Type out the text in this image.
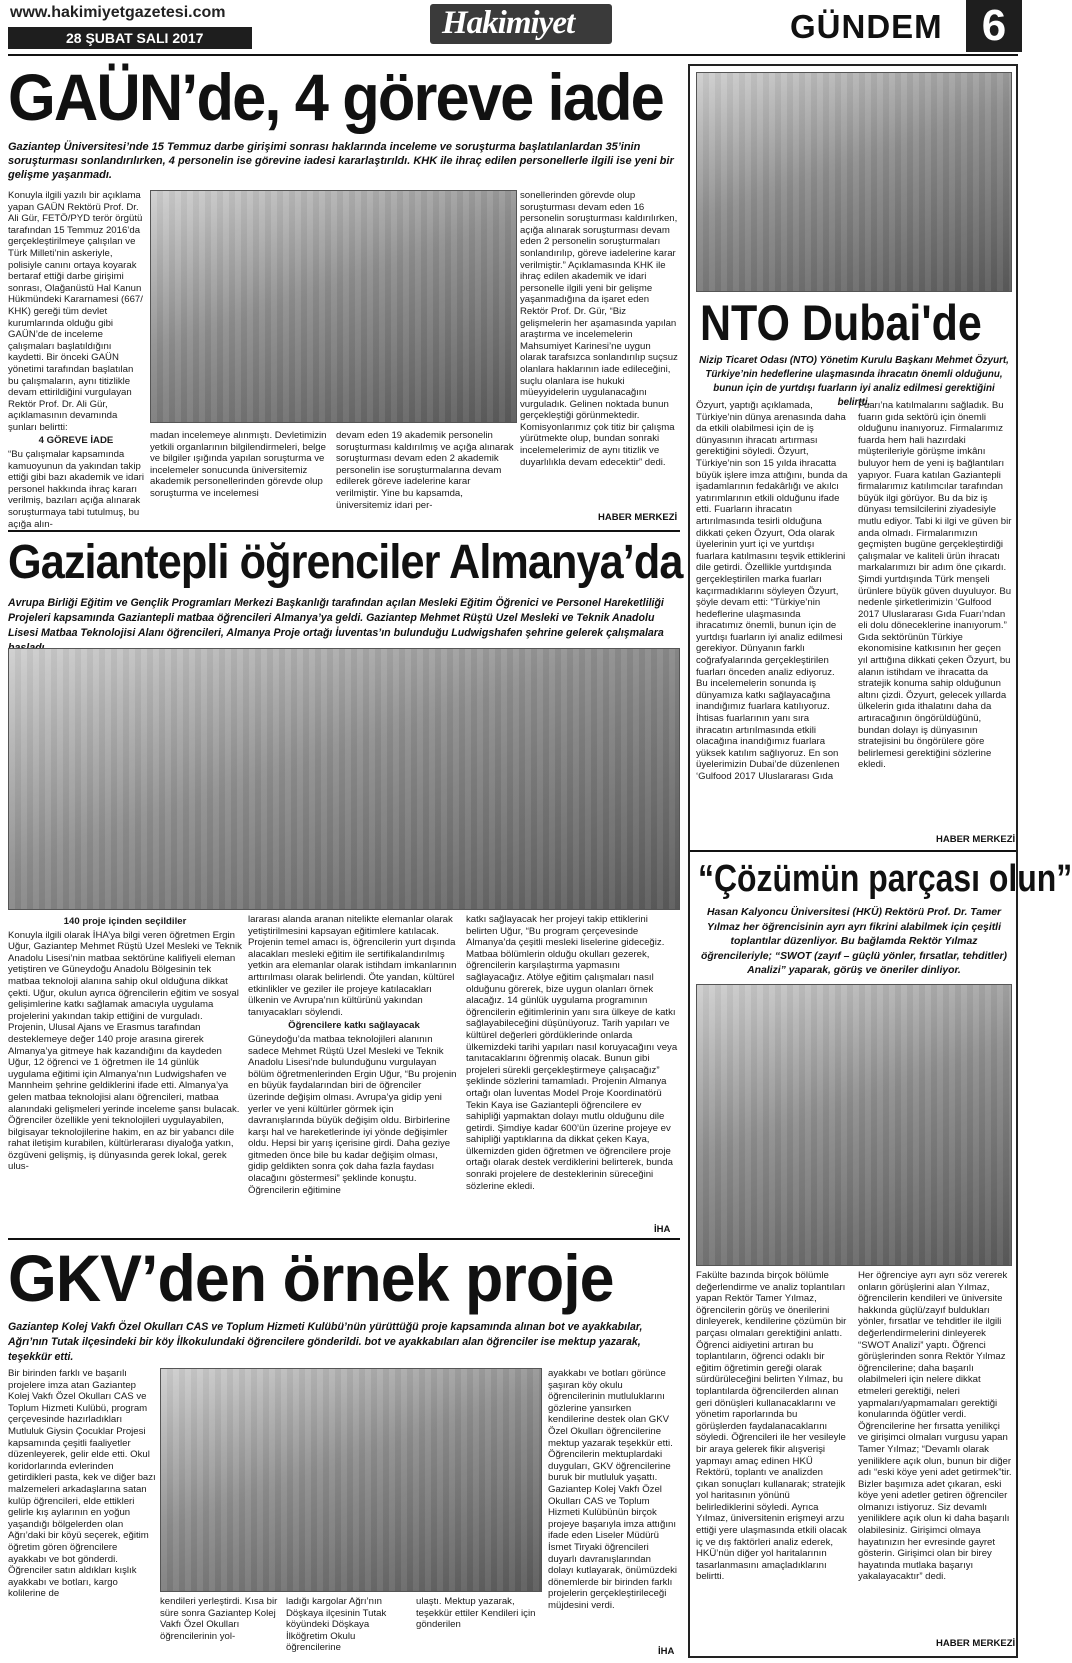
www.hakimiyetgazetesi.com
28 ŞUBAT SALI 2017	Hakimiyet	GÜNDEM 6
GAÜN’de, 4 göreve iade
Gaziantep Üniversitesi’nde 15 Temmuz darbe girişimi sonrası haklarında inceleme ve soruşturma başlatılanlardan 35’inin soruşturması sonlandırılırken, 4 personelin ise görevine iadesi kararlaştırıldı. KHK ile ihraç edilen personellerle ilgili ise yeni bir gelişme yaşanmadı.
Konuyla ilgili yazılı bir açıklama yapan GAÜN Rektörü Prof. Dr. Ali Gür, FETÖ/PYD terör örgütü tarafından 15 Temmuz 2016’da gerçekleştirilmeye çalışılan ve Türk Milleti’nin askeriyle, polisiyle canını ortaya koyarak bertaraf ettiği darbe girişimi sonrası, Olağanüstü Hal Kanun Hükmündeki Kararnamesi (667/ KHK) gereği tüm devlet kurumlarında olduğu gibi GAÜN’de de inceleme çalışmaları başlatıldığını kaydetti. Bir önceki GAÜN yönetimi tarafından başlatılan bu çalışmaların, aynı titizlikle devam ettirildiğini vurgulayan Rektör Prof. Dr. Ali Gür, açıklamasının devamında şunları belirtti:
4 GÖREVE İADE
“Bu çalışmalar kapsamında kamuoyunun da yakından takip ettiği gibi bazı akademik ve idari personel hakkında ihraç kararı verilmiş, bazıları açığa alınarak soruşturmaya tabi tutulmuş, bu açığa alın-
madan incelemeye alınmıştı. Devletimizin yetkili organlarının bilgilendirmeleri, belge ve bilgiler ışığında yapılan soruşturma ve incelemeler sonucunda üniversitemiz akademik personellerinden görevde olup soruşturma ve incelemesi
devam eden 19 akademik personelin soruşturması kaldırılmış ve açığa alınarak soruşturması devam eden 2 akademik personelin ise soruşturmalarına devam edilerek göreve iadelerine karar verilmiştir. Yine bu kapsamda, üniversitemiz idari per-
sonellerinden görevde olup soruşturması devam eden 16 personelin soruşturması kaldırılırken, açığa alınarak soruşturması devam eden 2 personelin soruşturmaları sonlandırılıp, göreve iadelerine karar verilmiştir.” Açıklamasında KHK ile ihraç edilen akademik ve idari personelle ilgili yeni bir gelişme yaşanmadığına da işaret eden Rektör Prof. Dr. Gür, “Biz gelişmelerin her aşamasında yapılan araştırma ve incelemelerin Mahsumiyet Karinesi’ne uygun olarak tarafsızca sonlandırılıp suçsuz olanlara haklarının iade edileceğini, suçlu olanlara ise hukuki müeyyidelerin uygulanacağını vurguladık. Gelinen noktada bunun gerçekleştiği görünmektedir. Komisyonlarımız çok titiz bir çalışma yürütmekte olup, bundan sonraki incelemelerimiz de aynı titizlik ve duyarlılıkla devam edecektir” dedi.
HABER MERKEZİ
Gaziantepli öğrenciler Almanya’da
Avrupa Birliği Eğitim ve Gençlik Programları Merkezi Başkanlığı tarafından açılan Mesleki Eğitim Öğrenici ve Personel Hareketliliği Projeleri kapsamında Gaziantepli matbaa öğrencileri Almanya’ya geldi. Gaziantep Mehmet Rüştü Uzel Mesleki ve Teknik Anadolu Lisesi Matbaa Teknolojisi Alanı öğrencileri, Almanya Proje ortağı İuventas’ın bulunduğu Ludwigshafen şehrine gelerek çalışmalara
140 proje içinden seçildiler
Konuyla ilgili olarak İHA’ya bilgi veren öğretmen Ergin Uğur, Gaziantep Mehmet Rüştü Uzel Mesleki ve Teknik Anadolu Lisesi’nin matbaa sektörüne kalifiyeli eleman yetiştiren ve Güneydoğu Anadolu Bölgesinin tek matbaa teknoloji alanına sahip okul olduğuna dikkat çekti. Uğur, okulun ayrıca öğrencilerin eğitim ve sosyal gelişimlerine katkı sağlamak amacıyla uygulama projelerini yakından takip ettiğini de vurguladı. Projenin, Ulusal Ajans ve Erasmus tarafından desteklemeye değer 140 proje arasına girerek Almanya’ya gitmeye hak kazandığını da kaydeden Uğur, 12 öğrenci ve 1 öğretmen ile 14 günlük uygulama eğitimi için Almanya’nın Ludwigshafen ve Mannheim şehrine geldiklerini ifade etti. Almanya’ya gelen matbaa teknolojisi alanı öğrencileri, matbaa alanındaki gelişmeleri yerinde inceleme şansı bulacak. Öğrenciler özellikle yeni teknolojileri uygulayabilen, bilgisayar teknolojilerine hakim, en az bir yabancı dile rahat iletişim kurabilen, kültürlerarası diyaloğa yatkın, özgüveni gelişmiş, iş dünyasında gerek lokal, gerek ulus-
lararası alanda aranan nitelikte elemanlar olarak yetiştirilmesini kapsayan eğitimlere katılacak. Projenin temel amacı is, öğrencilerin yurt dışında alacakları mesleki eğitim ile sertifikalandırılmış yetkin ara elemanlar olarak istihdam imkanlarının arttırılması olarak belirlendi. Öte yandan, kültürel etkinlikler ve geziler ile projeye katılacakları ülkenin ve Avrupa’nın kültürünü yakından tanıyacakları söylendi.
Öğrencilere katkı sağlayacak
Güneydoğu’da matbaa teknolojileri alanının sadece Mehmet Rüştü Uzel Mesleki ve Teknik Anadolu Lisesi’nde bulunduğunu vurgulayan bölüm öğretmenlerinden Ergin Uğur, “Bu projenin en büyük faydalarından biri de öğrenciler üzerinde değişim olması. Avrupa’ya gidip yeni yerler ve yeni kültürler görmek için davranışlarında büyük değişim oldu. Birbirlerine karşı hal ve hareketlerinde iyi yönde değişimler oldu. Hepsi bir yarış içerisine girdi. Daha geziye gitmeden önce bile bu kadar değişim olması, gidip geldikten sonra çok daha fazla faydası olacağını göstermesi” şeklinde konuştu. Öğrencilerin eğitimine
katkı sağlayacak her projeyi takip ettiklerini belirten Uğur, “Bu program çerçevesinde Almanya’da çeşitli mesleki liselerine gideceğiz. Matbaa bölümlerin olduğu okulları gezerek, öğrencilerin karşılaştırma yapmasını sağlayacağız. Atölye eğitim çalışmaları nasıl olduğunu görerek, bize uygun olanları örnek alacağız. 14 günlük uygulama programının öğrencilerin eğitimlerinin yanı sıra ülkeye de katkı sağlayabileceğini düşünüyoruz. Tarih yapıları ve kültürel değerleri gördüklerinde onlarda ülkemizdeki tarihi yapıları nasıl koruyacağını veya tanıtacaklarını öğrenmiş olacak. Bunun gibi projeleri sürekli gerçekleştirmeye çalışacağız” şeklinde sözlerini tamamladı. Projenin Almanya ortağı olan İuventas Model Proje Koordinatörü Tekin Kaya ise Gaziantepli öğrencilere ev sahipliği yapmaktan dolayı mutlu olduğunu dile getirdi. Şimdiye kadar 600’ün üzerine projeye ev sahipliği yaptıklarına da dikkat çeken Kaya, ülkemizden giden öğretmen ve öğrencilere proje ortağı olarak destek verdiklerini belirterek, bunda sonraki projelere de desteklerinin süreceğini sözlerine ekledi.
İHA
GKV’den örnek proje
Gaziantep Kolej Vakfı Özel Okulları CAS ve Toplum Hizmeti Kulübü’nün yürüttüğü proje kapsamında alınan bot ve ayakkabılar, Ağrı’nın Tutak ilçesindeki bir köy İlkokulundaki öğrencilere gönderildi. bot ve ayakkabıları alan öğrenciler ise mektup yazarak, teşekkür etti.
Bir birinden farklı ve başarılı projelere imza atan Gaziantep Kolej Vakfı Özel Okulları CAS ve Toplum Hizmeti Kulübü, program çerçevesinde hazırladıkları Mutluluk Giysin Çocuklar Projesi kapsamında çeşitli faaliyetler düzenleyerek, gelir elde etti. Okul koridorlarında evlerinden getirdikleri pasta, kek ve diğer bazı malzemeleri arkadaşlarına satan kulüp öğrencileri, elde ettikleri gelirle kış aylarının en yoğun yaşandığı bölgelerden olan Ağrı’daki bir köyü seçerek, eğitim öğretim gören öğrencilere ayakkabı ve bot gönderdi. Öğrenciler satın aldıkları kışlık ayakkabı ve botları, kargo kolilerine de
kendileri yerleştirdi. Kısa bir süre sonra Gaziantep Kolej Vakfı Özel Okulları öğrencilerinin yol-
ladığı kargolar Ağrı’nın Döşkaya ilçesinin Tutak köyündeki Döşkaya İlköğretim Okulu öğrencilerine
ulaştı. Mektup yazarak, teşekkür ettiler Kendileri için gönderilen
ayakkabı ve botları görünce şaşıran köy okulu öğrencilerinin mutluluklarını gözlerine yansırken kendilerine destek olan GKV Özel Okulları öğrencilerine mektup yazarak teşekkür etti. Öğrencilerin mektuplardaki duyguları, GKV öğrencilerine buruk bir mutluluk yaşattı. Gaziantep Kolej Vakfı Özel Okulları CAS ve Toplum Hizmeti Kulübünün birçok projeye başarıyla imza attığını ifade eden Liseler Müdürü İsmet Tiryaki öğrencileri duyarlı davranışlarından dolayı kutlayarak, önümüzdeki dönemlerde bir birinden farklı projelerin gerçekleştirileceği müjdesini verdi.
İHA
NTO Dubai'de
Nizip Ticaret Odası (NTO) Yönetim Kurulu Başkanı Mehmet Özyurt, Türkiye’nin hedeflerine ulaşmasında ihracatın önemli olduğunu, bunun için de yurtdışı fuarların iyi analiz edilmesi gerektiğini belirtti.
Özyurt, yaptığı açıklamada, Türkiye’nin dünya arenasında daha da etkili olabilmesi için de iş dünyasının ihracatı artırması gerektiğini söyledi. Özyurt, Türkiye’nin son 15 yılda ihracatta büyük işlere imza attığını, bunda da işadamlarının fedakârlığı ve akılcı yatırımlarının etkili olduğunu ifade etti. Fuarların ihracatın artırılmasında tesirli olduğuna dikkati çeken Özyurt, Oda olarak üyelerinin yurt içi ve yurtdışı fuarlara katılmasını teşvik ettiklerini dile getirdi. Özellikle yurtdışında gerçekleştirilen marka fuarları kaçırmadıklarını söyleyen Özyurt, şöyle devam etti: “Türkiye’nin hedeflerine ulaşmasında ihracatımız önemli, bunun için de yurtdışı fuarların iyi analiz edilmesi gerekiyor. Dünyanın farklı coğrafyalarında gerçekleştirilen fuarları önceden analiz ediyoruz. Bu incelemelerin sonunda iş dünyamıza katkı sağlayacağına inandığımız fuarlara katılıyoruz. İhtisas fuarlarının yanı sıra ihracatın artırılmasında etkili olacağına inandığımız fuarlara yüksek katılım sağlıyoruz. En son üyelerimizin Dubai’de düzenlenen ‘Gulfood 2017 Uluslararası Gıda
Fuarı’na katılmalarını sağladık. Bu fuarın gıda sektörü için önemli olduğunu inanıyoruz. Firmalarımız fuarda hem hali hazırdaki müşterileriyle görüşme imkânı buluyor hem de yeni iş bağlantıları yapıyor. Fuara katılan Gaziantepli firmalarımız katılımcılar tarafından büyük ilgi görüyor. Bu da biz iş dünyası temsilcilerini ziyadesiyle mutlu ediyor. Tabi ki ilgi ve güven bir anda olmadı. Firmalarımızın geçmişten bugüne gerçekleştirdiği çalışmalar ve kaliteli ürün ihracatı markalarımızı bir adım öne çıkardı. Şimdi yurtdışında Türk menşeli ürünlere büyük güven duyuluyor. Bu nedenle şirketlerimizin ‘Gulfood 2017 Uluslararası Gıda Fuarı’ndan eli dolu döneceklerine inanıyorum.” Gıda sektörünün Türkiye ekonomisine katkısının her geçen yıl arttığına dikkati çeken Özyurt, bu alanın istihdam ve ihracatta da stratejik konuma sahip olduğunun altını çizdi. Özyurt, gelecek yıllarda ülkelerin gıda ithalatını daha da artıracağının öngörüldüğünü, bundan dolayı iş dünyasının stratejisini bu öngörülere göre belirlemesi gerektiğini sözlerine ekledi.
HABER MERKEZİ
“Çözümün parçası olun”
Hasan Kalyoncu Üniversitesi (HKÜ) Rektörü Prof. Dr. Tamer Yılmaz her öğrencisinin ayrı ayrı fikrini alabilmek için çeşitli toplantılar düzenliyor. Bu bağlamda Rektör Yılmaz öğrencileriyle; “SWOT (zayıf – güçlü yönler, fırsatlar, tehditler) Analizi” yaparak, görüş ve öneriler dinliyor.
Fakülte bazında birçok bölümle değerlendirme ve analiz toplantıları yapan Rektör Tamer Yılmaz, öğrencilerin görüş ve önerilerini dinleyerek, kendilerine çözümün bir parçası olmaları gerektiğini anlattı. Öğrenci aidiyetini artıran bu toplantıların, öğrenci odaklı bir eğitim öğretimin gereği olarak sürdürüleceğini belirten Yılmaz, bu toplantılarda öğrencilerden alınan geri dönüşleri kullanacaklarını ve yönetim raporlarında bu görüşlerden faydalanacaklarını söyledi. Öğrencileri ile her vesileyle bir araya gelerek fikir alışverişi yapmayı amaç edinen HKÜ Rektörü, toplantı ve analizden çıkan sonuçları kullanarak; stratejik yol haritasının yönünü belirlediklerini söyledi. Ayrıca Yılmaz, üniversitenin erişmeyi arzu ettiği yere ulaşmasında etkili olacak iç ve dış faktörleri analiz ederek, HKÜ’nün diğer yol haritalarının tasarlanmasını amaçladıklarını belirtti.
Her öğrenciye ayrı ayrı söz vererek onların görüşlerini alan Yılmaz, öğrencilerin kendileri ve üniversite hakkında güçlü/zayıf buldukları yönler, fırsatlar ve tehditler ile ilgili değerlendirmelerini dinleyerek “SWOT Analizi” yaptı. Öğrenci görüşlerinden sonra Rektör Yılmaz öğrencilerine; daha başarılı olabilmeleri için nelere dikkat etmeleri gerektiği, neleri yapmaları/yapmamaları gerektiği konularında öğütler verdi. Öğrencilerine her fırsatta yenilikçi ve girişimci olmaları vurgusu yapan Tamer Yılmaz; “Devamlı olarak yeniliklere açık olun, bunun bir diğer adı “eski köye yeni adet getirmek”tir. Bizler başımıza adet çıkaran, eski köye yeni adetler getiren öğrenciler olmanızı istiyoruz. Siz devamlı yeniliklere açık olun ki daha başarılı olabilesiniz. Girişimci olmaya hayatınızın her evresinde gayret gösterin. Girişimci olan bir birey hayatında mutlaka başarıyı yakalayacaktır” dedi.
HABER MERKEZİ
